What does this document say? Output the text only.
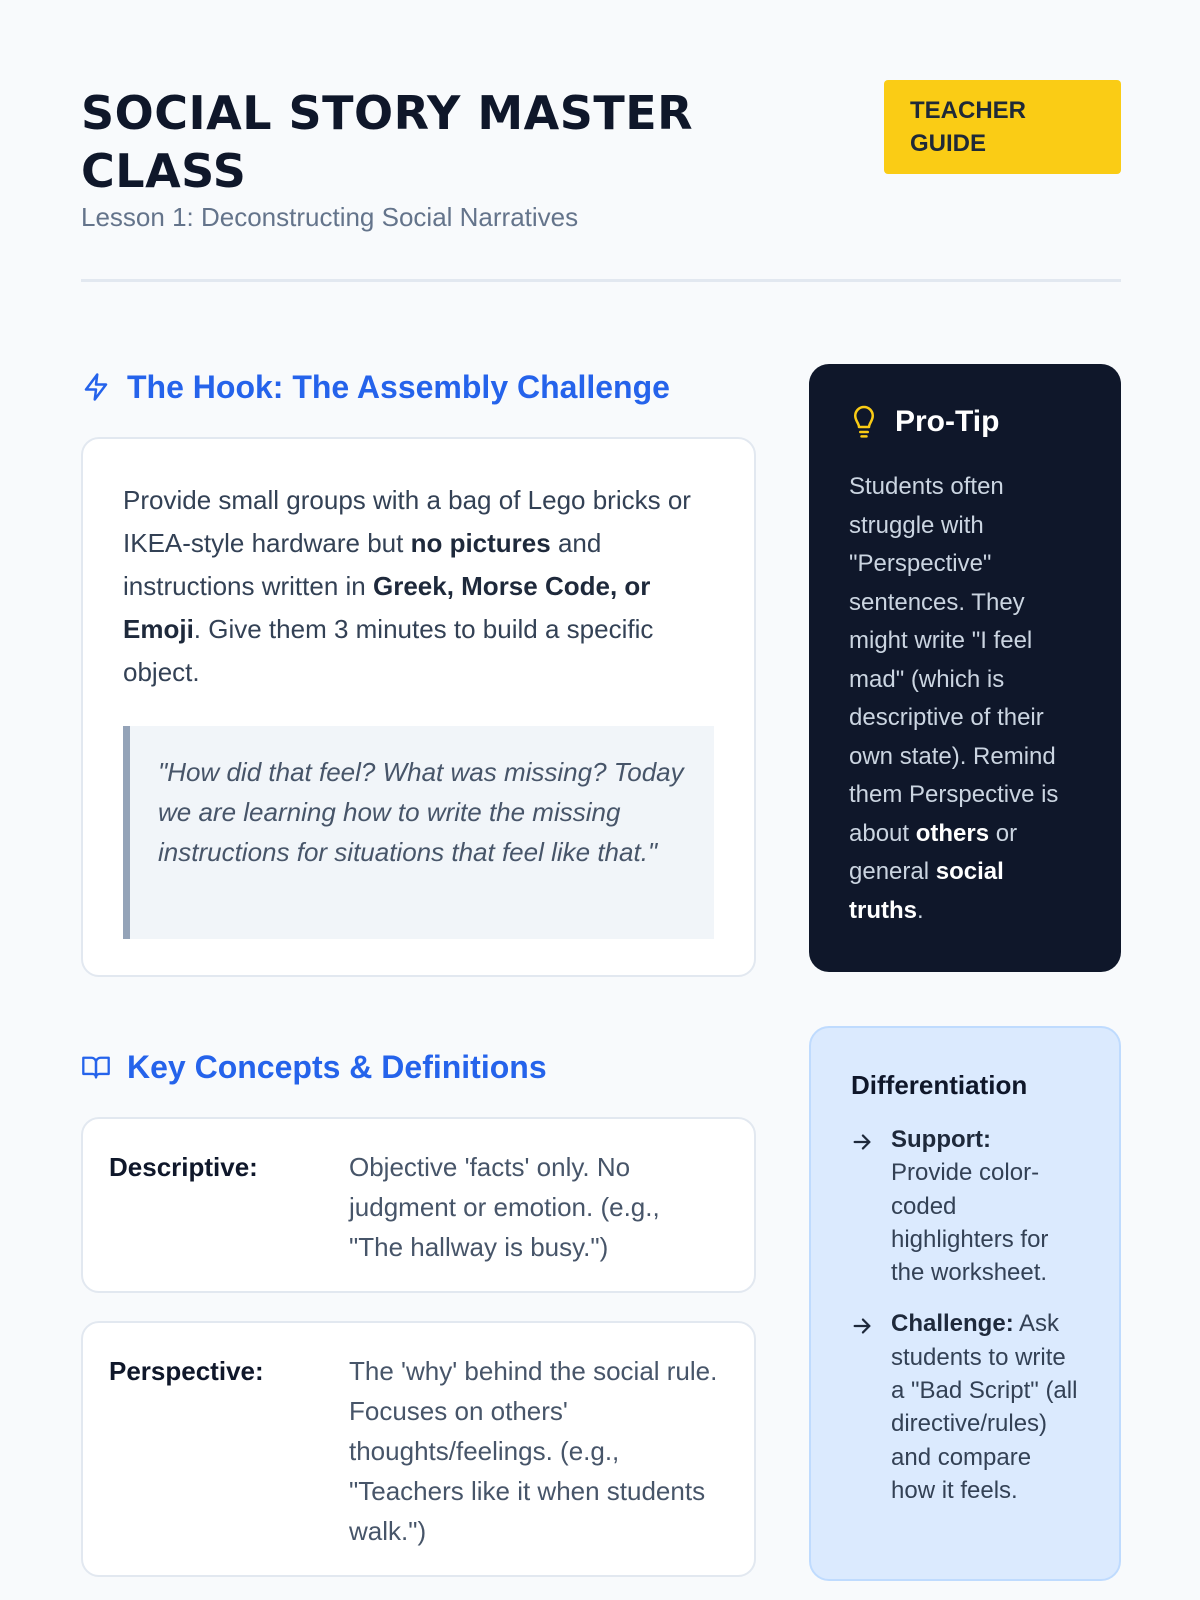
SOCIAL STORY MASTER CLASS
Lesson 1: Deconstructing Social Narratives
TEACHER GUIDE
The Hook: The Assembly Challenge

Provide small groups with a bag of Lego bricks or IKEA-style hardware but no pictures and instructions written in Greek, Morse Code, or Emoji. Give them 3 minutes to build a specific object.

"How did that feel? What was missing? Today we are learning how to write the missing instructions for situations that feel like that."
Key Concepts & Definitions
Descriptive:	Objective 'facts' only. No judgment or emotion. (e.g., "The hallway is busy.")
Perspective:	The 'why' behind the social rule. Focuses on others' thoughts/feelings. (e.g., "Teachers like it when students walk.")
Pro-Tip

Students often struggle with "Perspective" sentences. They might write "I feel mad" (which is descriptive of their own state). Remind them Perspective is about others or general social truths.

Differentiation
Support: Provide color-coded highlighters for the worksheet.
Challenge: Ask students to write a "Bad Script" (all directive/rules) and compare how it feels.
